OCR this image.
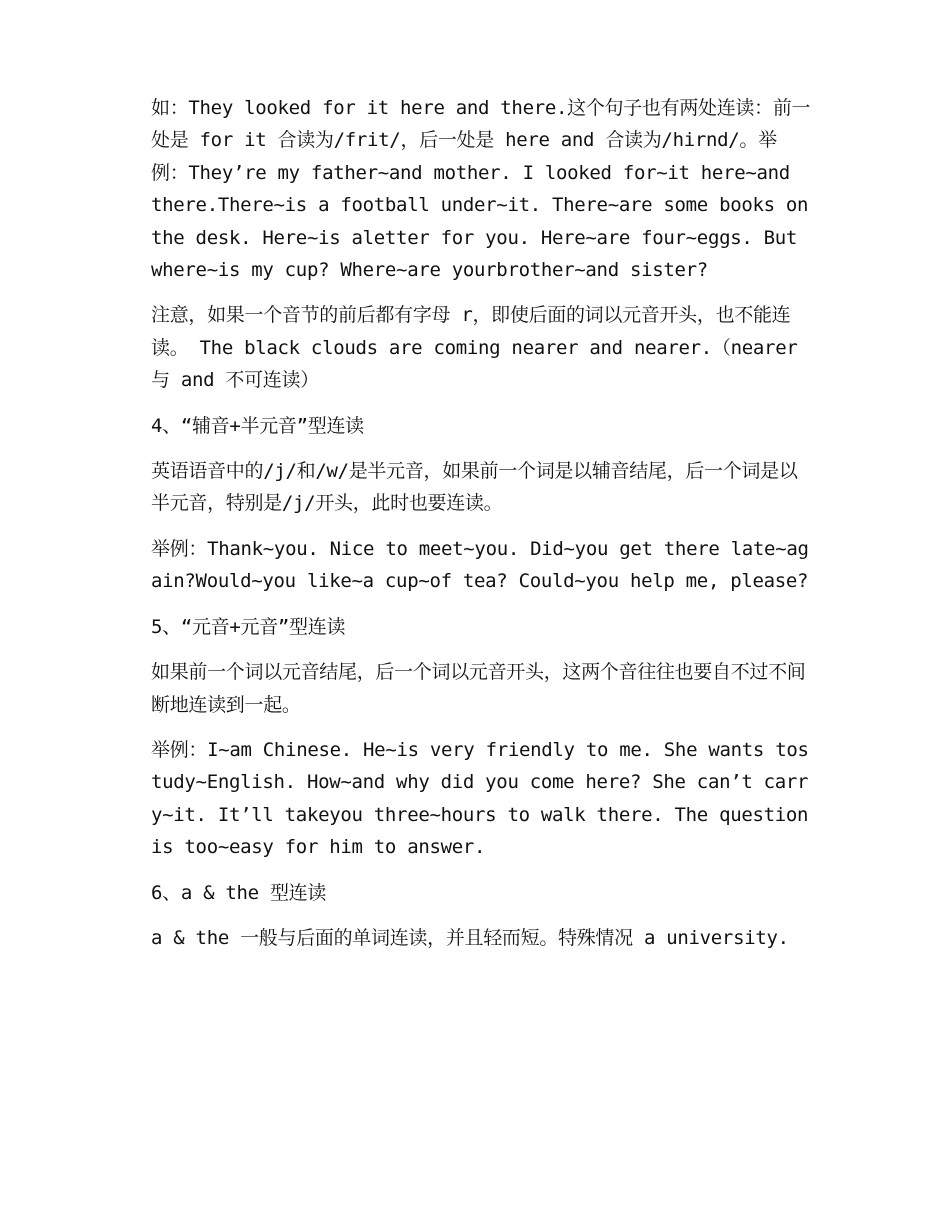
如：They looked for it here and there.这个句子也有两处连读：前一处是 for it 合读为/frit/，后一处是 here and 合读为/hirnd/。举例：They’re my father~and mother. I looked for~it here~and there.There~is a football under~it. There~are some books on the desk. Here~is aletter for you. Here~are four~eggs. But where~is my cup? Where~are yourbrother~and sister?

注意，如果一个音节的前后都有字母 r，即使后面的词以元音开头，也不能连读。 The black clouds are coming nearer and nearer.（nearer 与 and 不可连读）

4、“辅音+半元音”型连读

英语语音中的/j/和/w/是半元音，如果前一个词是以辅音结尾，后一个词是以半元音，特别是/j/开头，此时也要连读。

举例：Thank~you. Nice to meet~you. Did~you get there late~again?Would~you like~a cup~of tea? Could~you help me, please?

5、“元音+元音”型连读

如果前一个词以元音结尾，后一个词以元音开头，这两个音往往也要自不过不间断地连读到一起。

举例：I~am Chinese. He~is very friendly to me. She wants tostudy~English. How~and why did you come here? She can’t carry~it. It’ll takeyou three~hours to walk there. The question is too~easy for him to answer.

6、a & the 型连读

a & the 一般与后面的单词连读，并且轻而短。特殊情况 a university.
